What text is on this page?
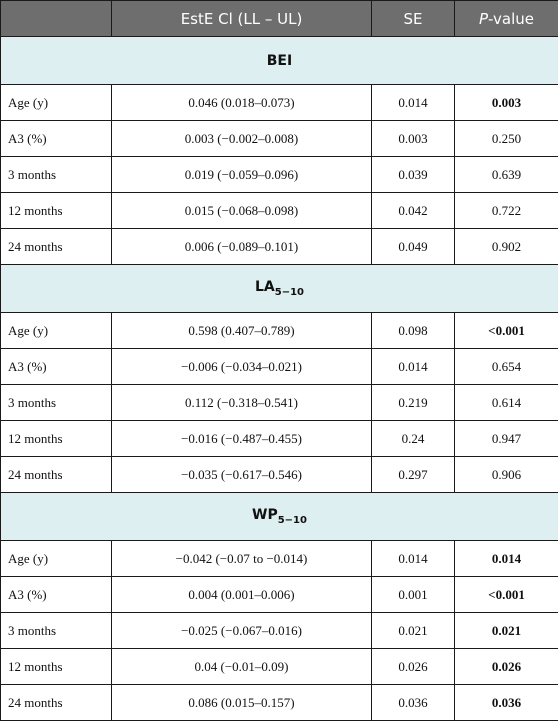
	EstE Cl (LL – UL)	SE	P-value
BEI			
Age (y)	0.046 (0.018–0.073)	0.014	0.003
A3 (%)	0.003 (−0.002–0.008)	0.003	0.250
3 months	0.019 (−0.059–0.096)	0.039	0.639
12 months	0.015 (−0.068–0.098)	0.042	0.722
24 months	0.006 (−0.089–0.101)	0.049	0.902
$LA_{5-10}$
Age (y)	0.598 (0.407–0.789)	0.098	<0.001
A3 (%)	−0.006 (−0.034–0.021)	0.014	0.654
3 months	0.112 (−0.318–0.541)	0.219	0.614
12 months	−0.016 (−0.487–0.455)	0.24	0.947
24 months	−0.035 (−0.617–0.546)	0.297	0.906
$WP_{5-10}$
Age (y)	−0.042 (−0.07 to −0.014)	0.014	0.014
A3 (%)	0.004 (0.001–0.006)	0.001	<0.001
3 months	−0.025 (−0.067–0.016)	0.021	0.021
12 months	0.04 (−0.01–0.09)	0.026	0.026
24 months	0.086 (0.015–0.157)	0.036	0.036
